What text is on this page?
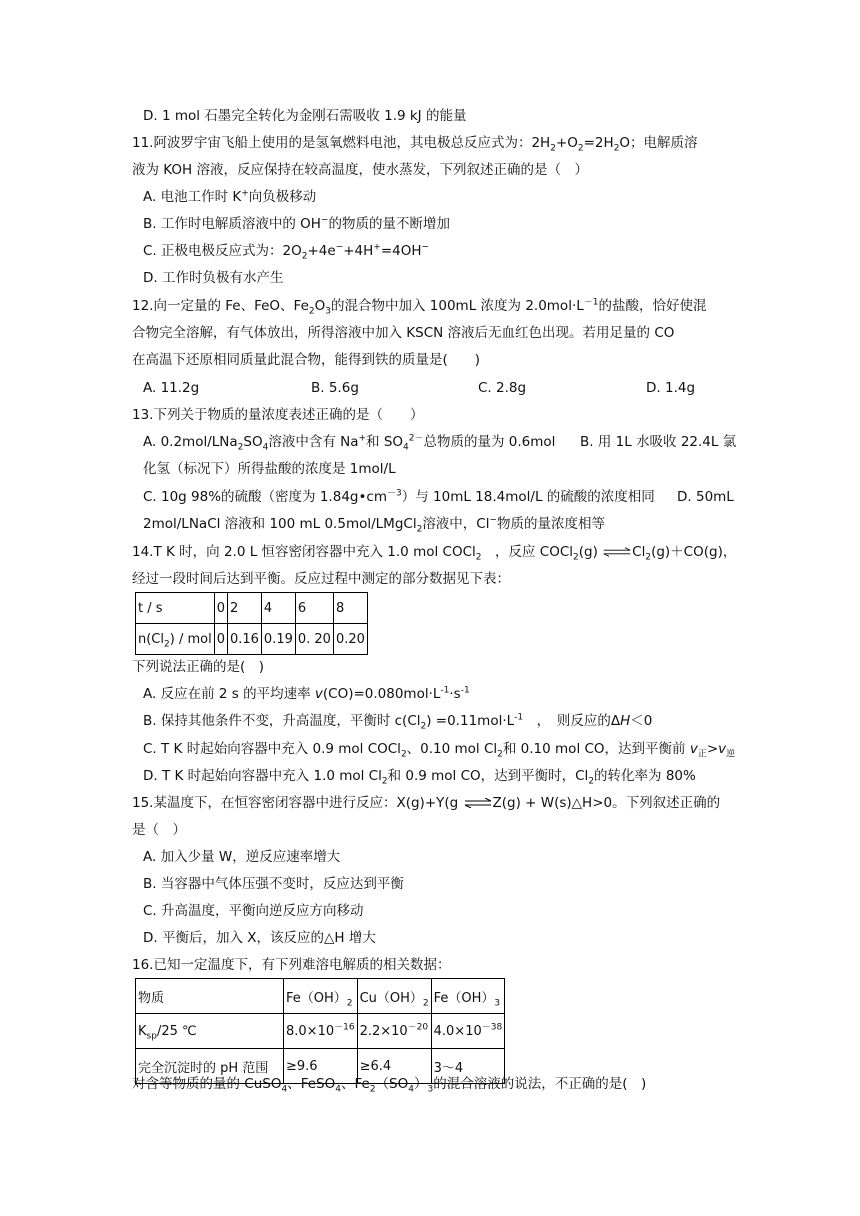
D. 1 mol 石墨完全转化为金刚石需吸收 1.9 kJ 的能量
11.阿波罗宇宙飞船上使用的是氢氧燃料电池，其电极总反应式为：$2H_2+O_2=2H_2O$；电解质溶
液为 KOH 溶液，反应保持在较高温度，使水蒸发，下列叙述正确的是（　）
A. 电池工作时 K+向负极移动
B. 工作时电解质溶液中的 OH−的物质的量不断增加
C. 正极电极反应式为：$2O_2+4e^-+4H^+=4OH^-$
D. 工作时负极有水产生
12.向一定量的 Fe、FeO、$Fe_2O_3$的混合物中加入 100mL 浓度为 $2.0mol\cdot L^{-1}$的盐酸，恰好使混
合物完全溶解，有气体放出，所得溶液中加入 KSCN 溶液后无血红色出现。若用足量的 CO
在高温下还原相同质量此混合物，能得到铁的质量是(　　)
A. 11.2g	B. 5.6g	C. 2.8g	D. 1.4g
13.下列关于物质的量浓度表述正确的是（　　）
A. $0.2mol/LNa_2SO_4$溶液中含有 Na+和 $SO_4^{2-}$总物质的量为 0.6mol B. 用 1L 水吸收 22.4L 氯
化氢（标况下）所得盐酸的浓度是 1mol/L
C. 10g 98%的硫酸（密度为 $1.84g•cm^{-3}$）与 10mL 18.4mol/L 的硫酸的浓度相同 D. 50mL
2mol/LNaCl 溶液和 100 mL 0.5mol/LMgCl$_2$溶液中，Cl−物质的量浓度相等
14.T K 时，向 2.0 L 恒容密闭容器中充入 1.0 mol COCl$_2$　，反应 COCl$_2$(g) $\rightleftharpoons Cl_2(g)+CO(g)$，
经过一段时间后达到平衡。反应过程中测定的部分数据见下表：
t / s	0	2	4	6	8
$n(Cl_2)$ / mol	0	0.16	0.19	0. 20	0.20
下列说法正确的是(　)
A. 反应在前 2 s 的平均速率 $v(CO)=0.080mol\cdot L^{-1}\cdot s^{-1}$
B. 保持其他条件不变，升高温度，平衡时 $c(Cl_2) =0.11mol\cdot L^{-1}$　，　则反应的ΔH＜0
C. T K 时起始向容器中充入 0.9 mol COCl$_2$、0.10 mol $Cl_2$和 0.10 mol CO，达到平衡前 $v_正>v_逆$
D. T K 时起始向容器中充入 1.0 mol $Cl_2$和 0.9 mol CO，达到平衡时，$Cl_2$的转化率为 80%
15.某温度下，在恒容密闭容器中进行反应：X(g)+Y(g ⇌Z(g) + W(s)△H>0。下列叙述正确的
是（　）
A. 加入少量 W，逆反应速率增大
B. 当容器中气体压强不变时，反应达到平衡
C. 升高温度，平衡向逆反应方向移动
D. 平衡后，加入 X，该反应的△H 增大
16.已知一定温度下，有下列难溶电解质的相关数据：
物质	$Fe(OH)_2$	$Cu(OH)_2$	$Fe(OH)_3$
$K_{sp}/25$ ℃	$8.0\times 10^{-16}$	$2.2\times 10^{-20}$	$4.0\times 10^{-38}$
完全沉淀时的 pH 范围	≥9.6	≥6.4	3～4
对含等物质的量的 CuSO$_4$、FeSO$_4$、$Fe_2(SO_4)_3$的混合溶液的说法，不正确的是(　)
